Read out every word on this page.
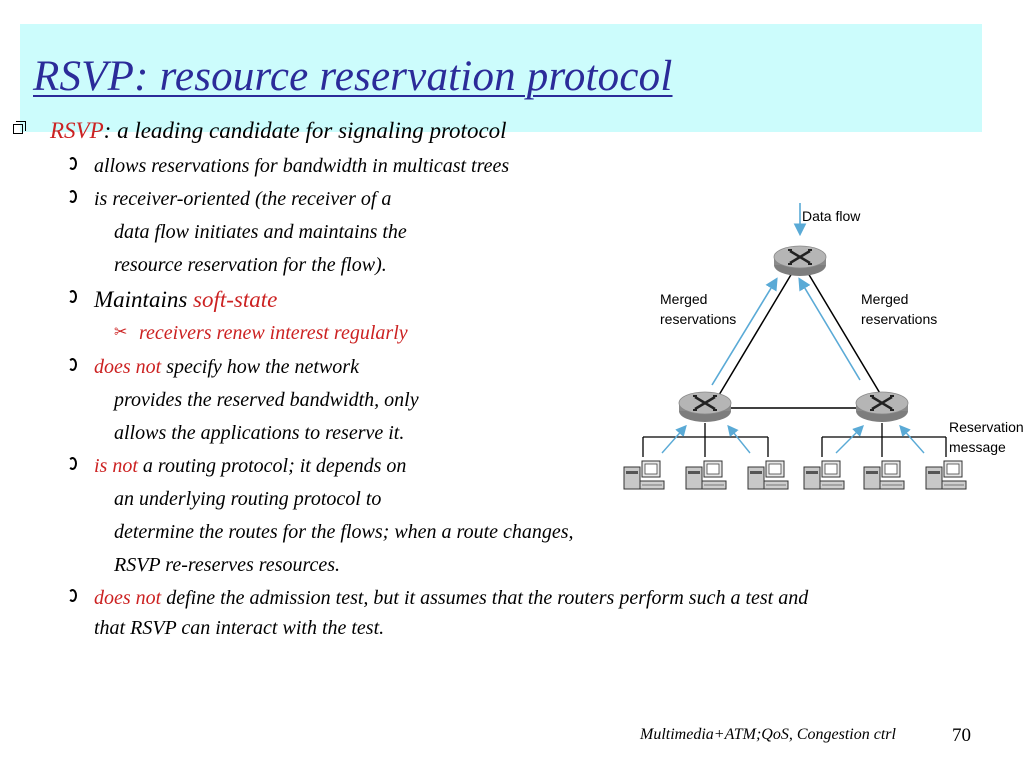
RSVP: resource reservation protocol
RSVP: a leading candidate for signaling protocol
allows reservations for bandwidth in multicast trees
is receiver-oriented (the receiver of a
data flow initiates and maintains the
resource reservation for the flow).
Maintains soft-state
✂ receivers renew interest regularly
does not specify how the network
provides the reserved bandwidth, only
allows the applications to reserve it.
is not a routing protocol; it depends on
an underlying routing protocol to
determine the routes for the flows; when a route changes,
RSVP re-reserves resources.
does not define the admission test, but it assumes that the routers perform such a test and
that RSVP can interact with the test.
Data flow
Merged
reservations
Merged
reservations
Reservation
message
Multimedia+ATM;QoS, Congestion ctrl	70
